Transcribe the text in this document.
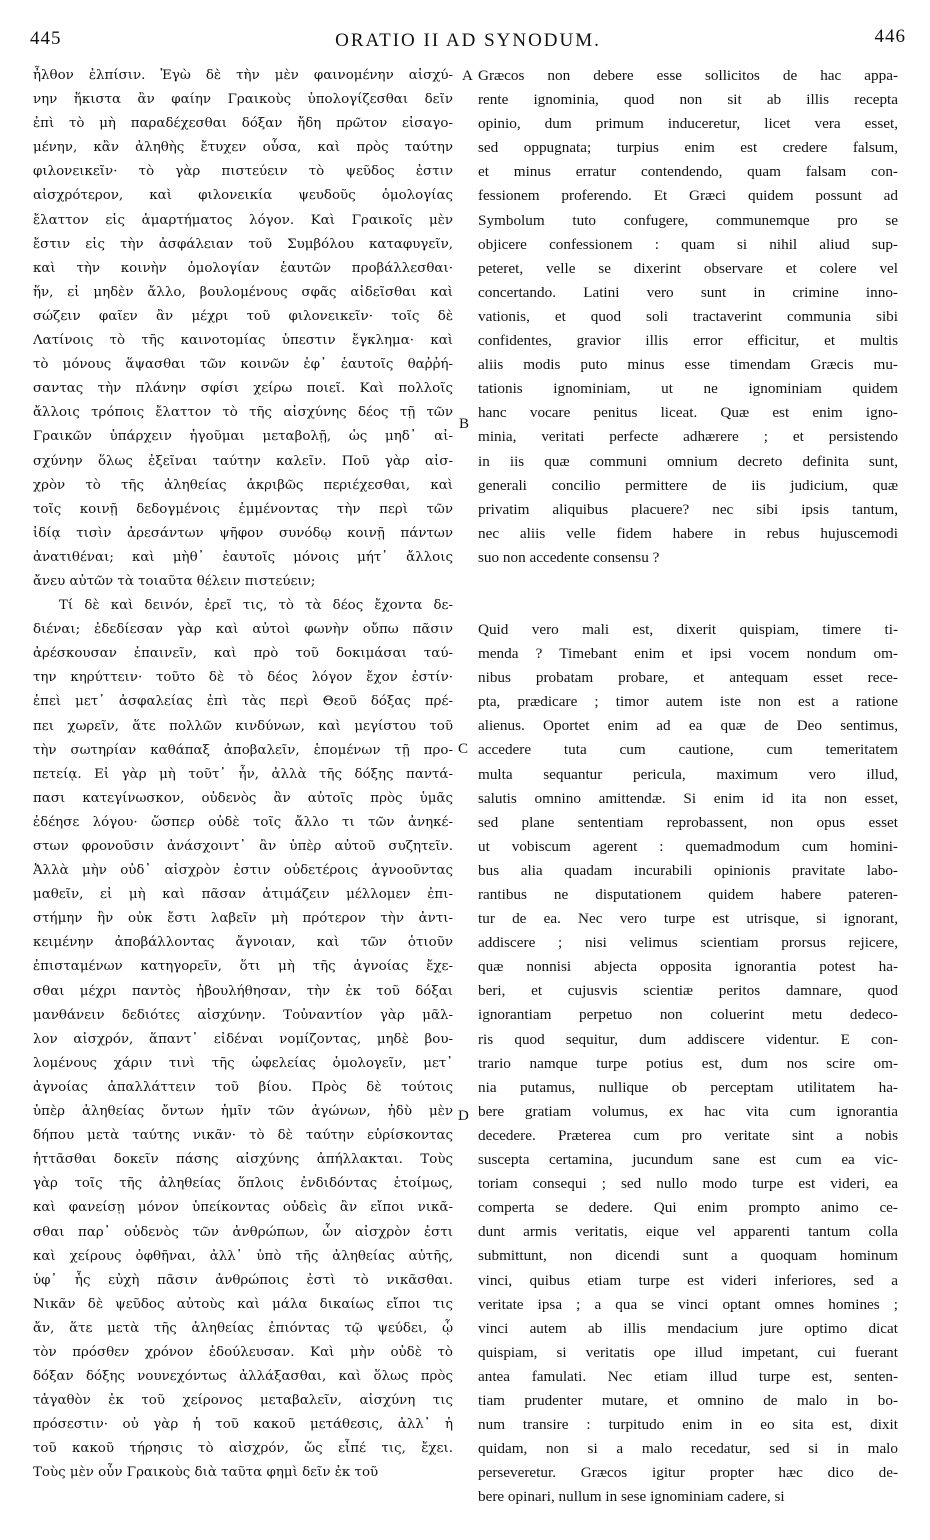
445	ORATIO II AD SYNODUM.	446
ἦλθον ἐλπίσιν. Ἐγὼ δὲ τὴν μὲν φαινομένην αἰσχύ-
νην ἥκιστα ἂν φαίην Γραικοὺς ὑπολογίζεσθαι δεῖν
ἐπὶ τὸ μὴ παραδέχεσθαι δόξαν ἤδη πρῶτον εἰσαγο-
μένην, κἂν ἀληθὴς ἔτυχεν οὖσα, καὶ πρὸς ταύτην
φιλονεικεῖν· τὸ γὰρ πιστεύειν τὸ ψεῦδος ἐστιν
αἰσχρότερον, καὶ φιλονεικία ψευδοῦς ὁμολογίας
ἔλαττον εἰς ἁμαρτήματος λόγον. Καὶ Γραικοῖς μὲν
ἔστιν εἰς τὴν ἀσφάλειαν τοῦ Συμβόλου καταφυγεῖν,
καὶ τὴν κοινὴν ὁμολογίαν ἑαυτῶν προβάλλεσθαι·
ἥν, εἰ μηδὲν ἄλλο, βουλομένους σφᾶς αἰδεῖσθαι καὶ
σώζειν φαῖεν ἂν μέχρι τοῦ φιλονεικεῖν· τοῖς δὲ
Λατίνοις τὸ τῆς καινοτομίας ὑπεστιν ἔγκλημα· καὶ
τὸ μόνους ἅψασθαι τῶν κοινῶν ἐφ᾽ ἑαυτοῖς θαῤῥή-
σαντας τὴν πλάνην σφίσι χείρω ποιεῖ. Καὶ πολλοῖς
ἄλλοις τρόποις ἔλαττον τὸ τῆς αἰσχύνης δέος τῇ τῶν
Γραικῶν ὑπάρχειν ἡγοῦμαι μεταβολῇ, ὡς μηδ᾽ αἰ-
σχύνην ὅλως ἐξεῖναι ταύτην καλεῖν. Ποῦ γὰρ αἰσ-
χρὸν τὸ τῆς ἀληθείας ἀκριβῶς περιέχεσθαι, καὶ
τοῖς κοινῇ δεδογμένοις ἐμμένοντας τὴν περὶ τῶν
ἰδίᾳ τισὶν ἀρεσάντων ψῆφον συνόδῳ κοινῇ πάντων
ἀνατιθέναι; καὶ μὴθ᾽ ἑαυτοῖς μόνοις μήτ᾽ ἄλλοις
ἄνευ αὐτῶν τὰ τοιαῦτα θέλειν πιστεύειν;
Τί δὲ καὶ δεινόν, ἐρεῖ τις, τὸ τὰ δέος ἔχοντα δε-
διέναι; ἐδεδίεσαν γὰρ καὶ αὐτοὶ φωνὴν οὔπω πᾶσιν
ἀρέσκουσαν ἐπαινεῖν, καὶ πρὸ τοῦ δοκιμάσαι ταύ-
την κηρύττειν· τοῦτο δὲ τὸ δέος λόγον ἔχον ἐστίν·
ἐπεὶ μετ᾽ ἀσφαλείας ἐπὶ τὰς περὶ Θεοῦ δόξας πρέ-
πει χωρεῖν, ἅτε πολλῶν κινδύνων, καὶ μεγίστου τοῦ
τὴν σωτηρίαν καθάπαξ ἀποβαλεῖν, ἑπομένων τῇ προ-
πετείᾳ. Εἰ γὰρ μὴ τοῦτ᾽ ἦν, ἀλλὰ τῆς δόξης παντά-
πασι κατεγίνωσκον, οὐδενὸς ἂν αὐτοῖς πρὸς ὑμᾶς
ἐδέησε λόγου· ὥσπερ οὐδὲ τοῖς ἄλλο τι τῶν ἀνηκέ-
στων φρονοῦσιν ἀνάσχοιντ᾽ ἂν ὑπὲρ αὐτοῦ συζητεῖν.
Ἀλλὰ μὴν οὐδ᾽ αἰσχρὸν ἐστιν οὐδετέροις ἀγνοοῦντας
μαθεῖν, εἰ μὴ καὶ πᾶσαν ἀτιμάζειν μέλλομεν ἐπι-
στήμην ἣν οὐκ ἔστι λαβεῖν μὴ πρότερον τὴν ἀντι-
κειμένην ἀποβάλλοντας ἄγνοιαν, καὶ τῶν ὁτιοῦν
ἐπισταμένων κατηγορεῖν, ὅτι μὴ τῆς ἀγνοίας ἔχε-
σθαι μέχρι παντὸς ἠβουλήθησαν, τὴν ἐκ τοῦ δόξαι
μανθάνειν δεδιότες αἰσχύνην. Τοὐναντίον γὰρ μᾶλ-
λον αἰσχρόν, ἅπαντ᾽ εἰδέναι νομίζοντας, μηδὲ βου-
λομένους χάριν τινὶ τῆς ὠφελείας ὁμολογεῖν, μετ᾽
ἀγνοίας ἀπαλλάττειν τοῦ βίου. Πρὸς δὲ τούτοις
ὑπὲρ ἀληθείας ὄντων ἡμῖν τῶν ἀγώνων, ἡδὺ μὲν
δήπου μετὰ ταύτης νικᾶν· τὸ δὲ ταύτην εὑρίσκοντας
ἡττᾶσθαι δοκεῖν πάσης αἰσχύνης ἀπήλλακται. Τοὺς
γὰρ τοῖς τῆς ἀληθείας ὅπλοις ἐνδιδόντας ἑτοίμως,
καὶ φανείσῃ μόνον ὑπείκοντας οὐδεὶς ἂν εἴποι νικᾶ-
σθαι παρ᾽ οὐδενὸς τῶν ἀνθρώπων, ὧν αἰσχρὸν ἐστι
καὶ χείρους ὀφθῆναι, ἀλλ᾽ ὑπὸ τῆς ἀληθείας αὐτῆς,
ὑφ᾽ ἧς εὐχὴ πᾶσιν ἀνθρώποις ἐστὶ τὸ νικᾶσθαι.
Νικᾶν δὲ ψεῦδος αὐτοὺς καὶ μάλα δικαίως εἴποι τις
ἄν, ἅτε μετὰ τῆς ἀληθείας ἐπιόντας τῷ ψεύδει, ᾧ
τὸν πρόσθεν χρόνον ἐδούλευσαν. Καὶ μὴν οὐδὲ τὸ
δόξαν δόξης νουνεχόντως ἀλλάξασθαι, καὶ ὅλως πρὸς
τἀγαθὸν ἐκ τοῦ χείρονος μεταβαλεῖν, αἰσχύνη τις
πρόσεστιν· οὐ γὰρ ἡ τοῦ κακοῦ μετάθεσις, ἀλλ᾽ ἡ
τοῦ κακοῦ τήρησις τὸ αἰσχρόν, ὥς εἶπέ τις, ἔχει.
Τοὺς μὲν οὖν Γραικοὺς διὰ ταῦτα φημὶ δεῖν ἐκ τοῦ
Græcos non debere esse sollicitos de hac appa-
rente ignominia, quod non sit ab illis recepta
opinio, dum primum induceretur, licet vera esset,
sed oppugnata; turpius enim est credere falsum,
et minus erratur contendendo, quam falsam con-
fessionem proferendo. Et Græci quidem possunt ad
Symbolum tuto confugere, communemque pro se
objicere confessionem : quam si nihil aliud sup-
peteret, velle se dixerint observare et colere vel
concertando. Latini vero sunt in crimine inno-
vationis, et quod soli tractaverint communia sibi
confidentes, gravior illis error efficitur, et multis
aliis modis puto minus esse timendam Græcis mu-
tationis ignominiam, ut ne ignominiam quidem
hanc vocare penitus liceat. Quæ est enim igno-
minia, veritati perfecte adhærere ; et persistendo
in iis quæ communi omnium decreto definita sunt,
generali concilio permittere de iis judicium, quæ
privatim aliquibus placuere? nec sibi ipsis tantum,
nec aliis velle fidem habere in rebus hujuscemodi
suo non accedente consensu ?
Quid vero mali est, dixerit quispiam, timere ti-
menda ? Timebant enim et ipsi vocem nondum om-
nibus probatam probare, et antequam esset rece-
pta, prædicare ; timor autem iste non est a ratione
alienus. Oportet enim ad ea quæ de Deo sentimus,
accedere tuta cum cautione, cum temeritatem
multa sequantur pericula, maximum vero illud,
salutis omnino amittendæ. Si enim id ita non esset,
sed plane sententiam reprobassent, non opus esset
ut vobiscum agerent : quemadmodum cum homini-
bus alia quadam incurabili opinionis pravitate labo-
rantibus ne disputationem quidem habere pateren-
tur de ea. Nec vero turpe est utrisque, si ignorant,
addiscere ; nisi velimus scientiam prorsus rejicere,
quæ nonnisi abjecta opposita ignorantia potest ha-
beri, et cujusvis scientiæ peritos damnare, quod
ignorantiam perpetuo non coluerint metu dedeco-
ris quod sequitur, dum addiscere videntur. E con-
trario namque turpe potius est, dum nos scire om-
nia putamus, nullique ob perceptam utilitatem ha-
bere gratiam volumus, ex hac vita cum ignorantia
decedere. Præterea cum pro veritate sint a nobis
suscepta certamina, jucundum sane est cum ea vic-
toriam consequi ; sed nullo modo turpe est videri, ea
comperta se dedere. Qui enim prompto animo ce-
dunt armis veritatis, eique vel apparenti tantum colla
submittunt, non dicendi sunt a quoquam hominum
vinci, quibus etiam turpe est videri inferiores, sed a
veritate ipsa ; a qua se vinci optant omnes homines ;
vinci autem ab illis mendacium jure optimo dicat
quispiam, si veritatis ope illud impetant, cui fuerant
antea famulati. Nec etiam illud turpe est, senten-
tiam prudenter mutare, et omnino de malo in bo-
num transire : turpitudo enim in eo sita est, dixit
quidam, non si a malo recedatur, sed si in malo
perseveretur. Græcos igitur propter hæc dico de-
bere opinari, nullum in sese ignominiam cadere, si
A
B
C
D
